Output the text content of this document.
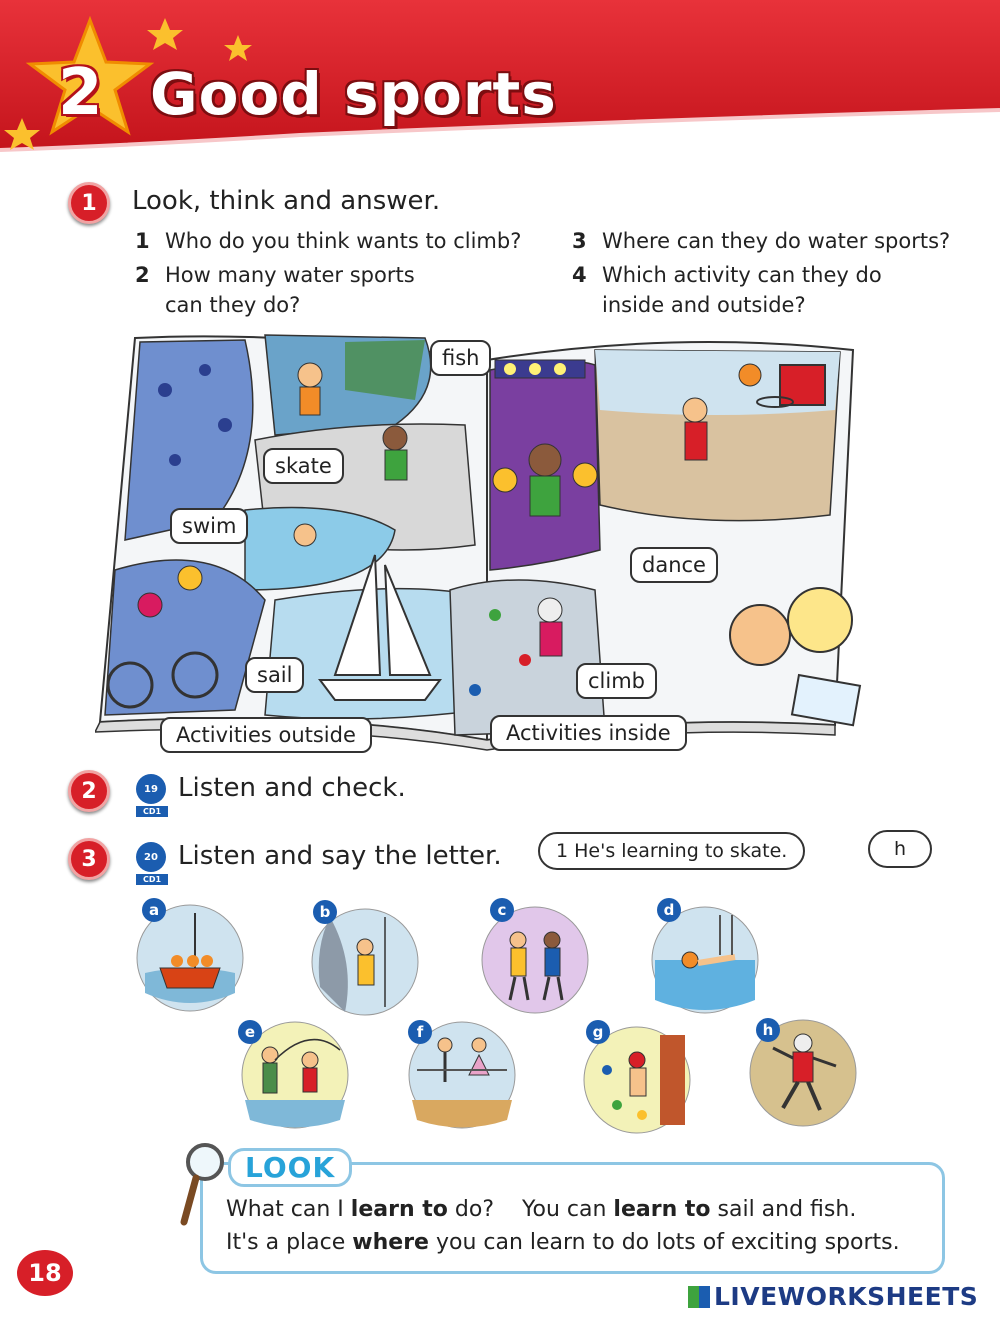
2 Good sports
1	Look, think and answer.
1 Who do you think wants to climb?
2 How many water sports
can they do?
3 Where can they do water sports?
4 Which activity can they do
inside and outside?
fish
skate
swim
sail
dance
climb
Activities outside	Activities inside
2	19
CD1
Listen and check.
3	20
CD1
Listen and say the letter.	1 He's learning to skate.	h
a	b	c	d
e	f	g	h
LOOK
What can I learn to do?    You can learn to sail and fish.
It's a place where you can learn to do lots of exciting sports.
18
LIVEWORKSHEETS
